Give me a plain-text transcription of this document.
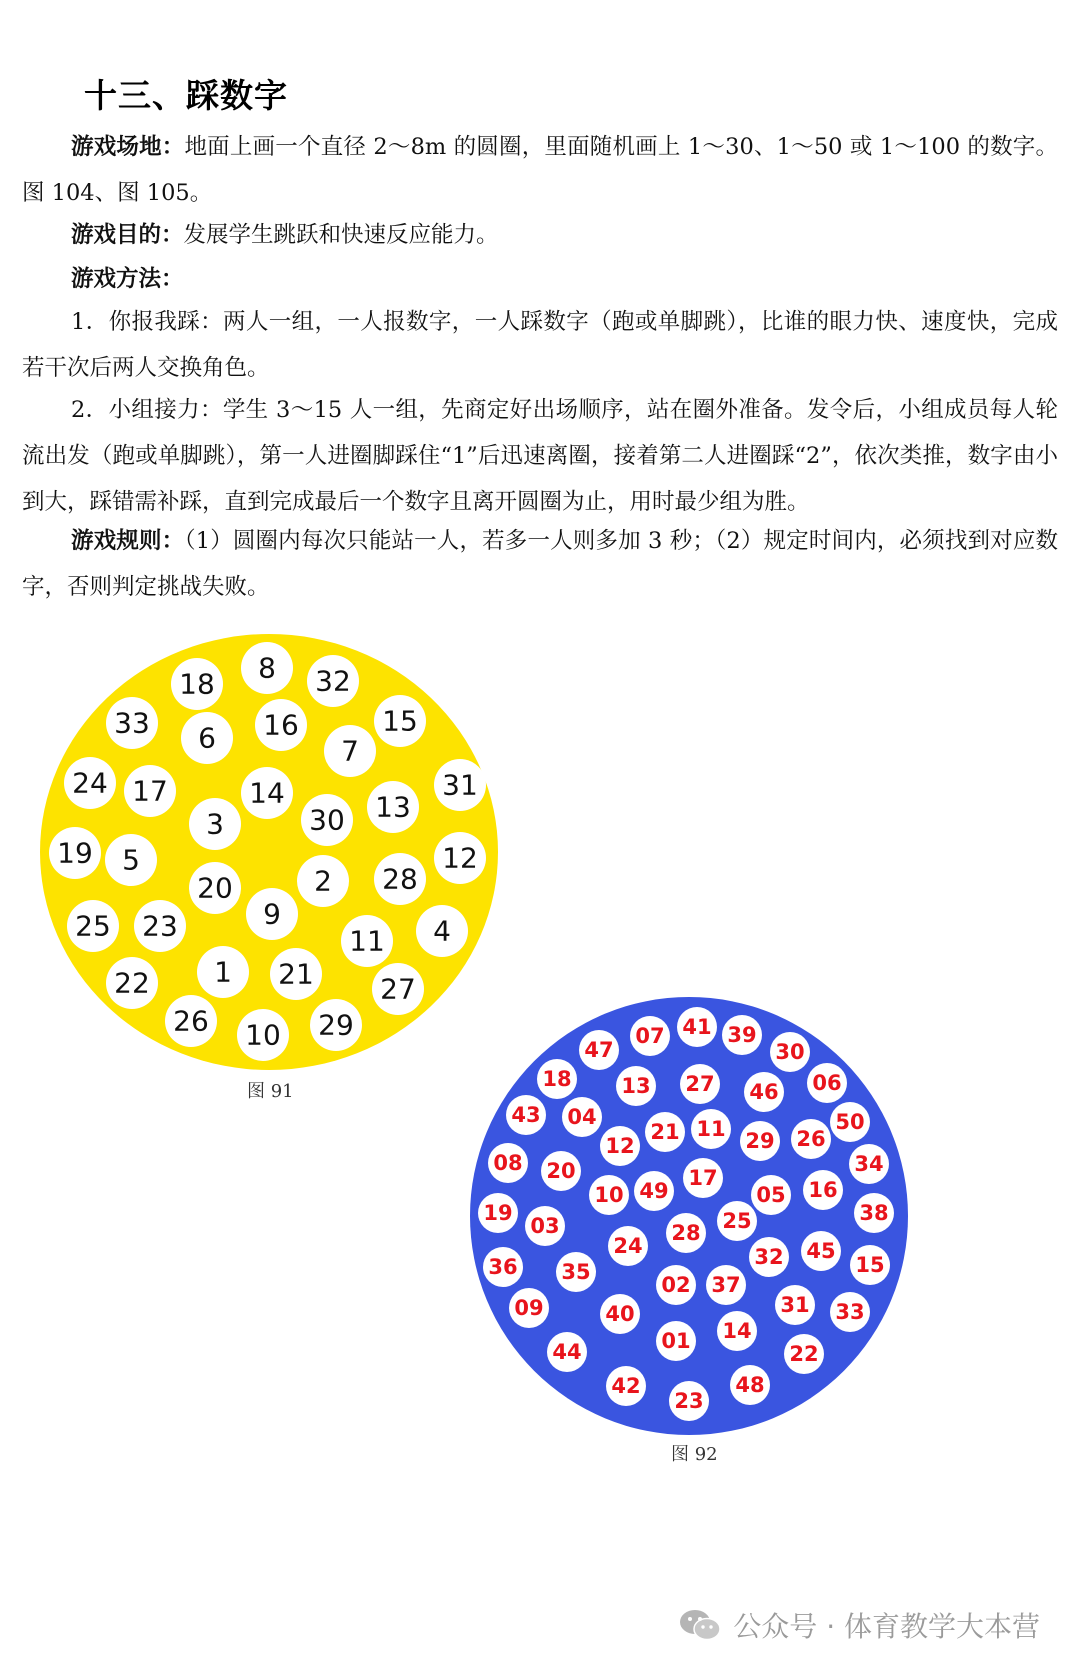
十三、踩数字

游戏场地：地面上画一个直径 2～8m 的圆圈，里面随机画上 1～30、1～50 或 1～100 的数字。图 104、图 105。

游戏目的：发展学生跳跃和快速反应能力。

游戏方法：

1．你报我踩：两人一组，一人报数字，一人踩数字（跑或单脚跳），比谁的眼力快、速度快，完成若干次后两人交换角色。

2．小组接力：学生 3～15 人一组，先商定好出场顺序，站在圈外准备。发令后，小组成员每人轮流出发（跑或单脚跳），第一人进圈脚踩住“1”后迅速离圈，接着第二人进圈踩“2”，依次类推，数字由小到大，踩错需补踩，直到完成最后一个数字且离开圆圈为止，用时最少组为胜。

游戏规则：（1）圆圈内每次只能站一人，若多一人则多加 3 秒；（2）规定时间内，必须找到对应数字，否则判定挑战失败。

8
18	32
33 6 16	15
7
24 17	14	31
3	30 13
19 5	12
20	2 28
9
25 23	11 4
1 21
22	27
26 10 29
图 91
41
07	39
47	30
18 13 27 46 06
43 04
21 11	50
12	29 26
08 20	17
34
10 49	05 16
19
03
38
25
28
24
36 35
32 45
15
02 37
09	40	31 33
01 14
44	22
42	48
23
图 92
公众号 · 体育教学大本营
